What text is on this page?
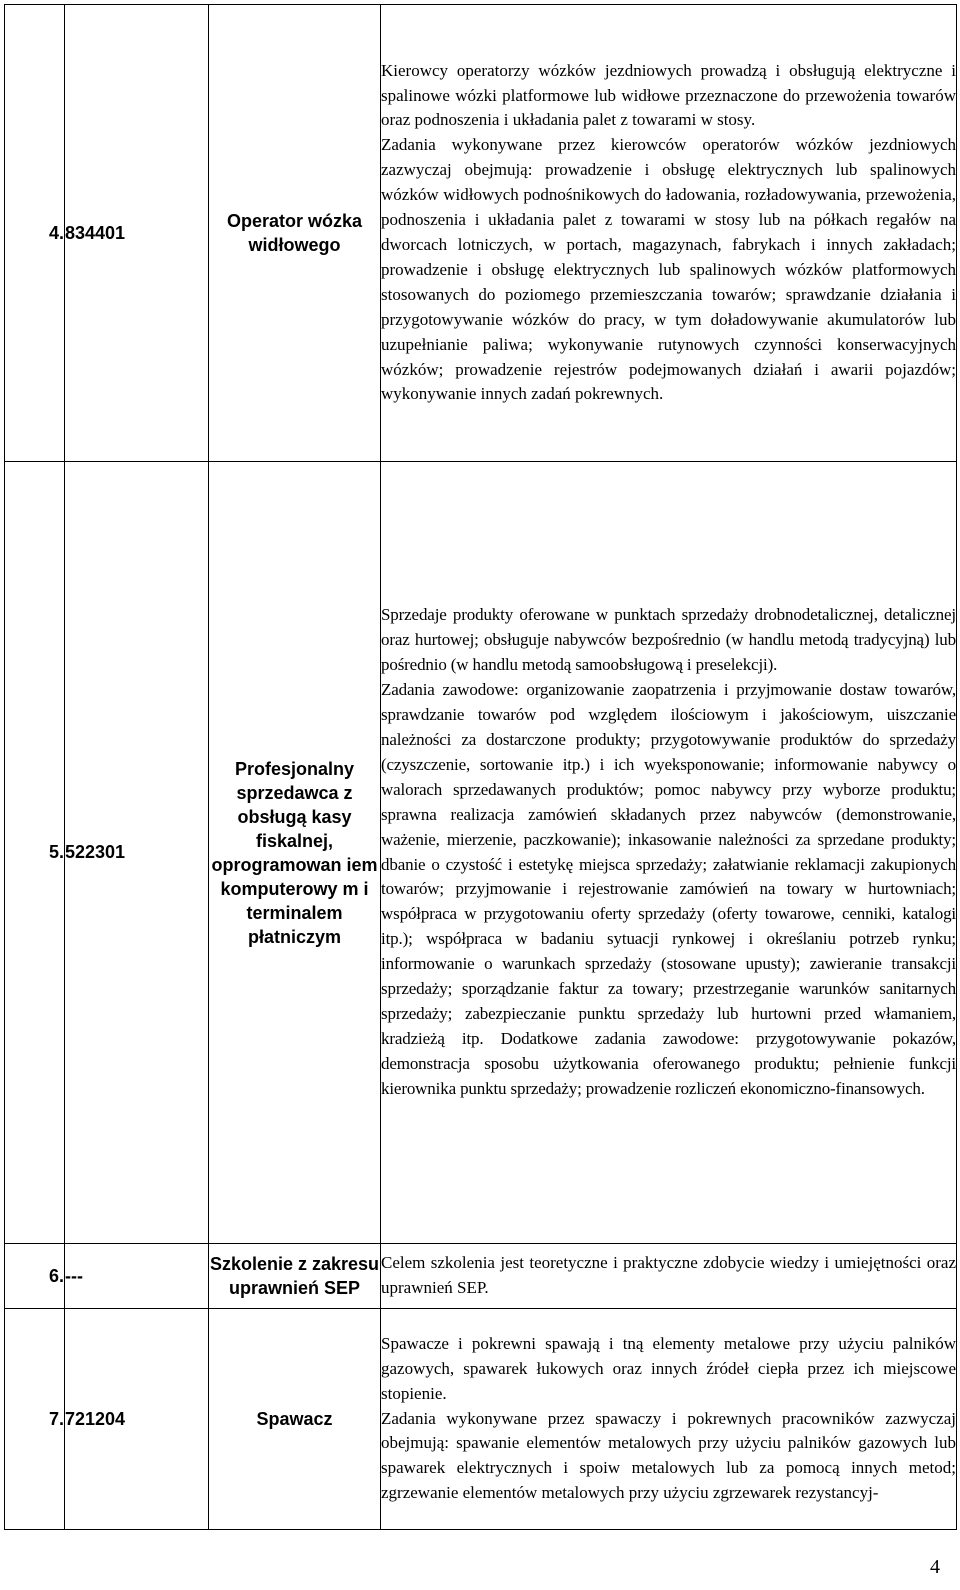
4.	834401	Operator wózka widłowego	Kierowcy operatorzy wózków jezdniowych prowadzą i obsługują elektryczne i spalinowe wózki platformowe lub widłowe przeznaczone do przewożenia towarów oraz podnoszenia i układania palet z towarami w stosy.

Zadania wykonywane przez kierowców operatorów wózków jezdniowych zazwyczaj obejmują: prowadzenie i obsługę elektrycznych lub spalinowych wózków widłowych podnośnikowych do ładowania, rozładowywania, przewożenia, podnoszenia i układania palet z towarami w stosy lub na półkach regałów na dworcach lotniczych, w portach, magazynach, fabrykach i innych zakładach; prowadzenie i obsługę elektrycznych lub spalinowych wózków platformowych stosowanych do poziomego przemieszczania towarów; sprawdzanie działania i przygotowywanie wózków do pracy, w tym doładowywanie akumulatorów lub uzupełnianie paliwa; wykonywanie rutynowych czynności konserwacyjnych wózków; prowadzenie rejestrów podejmowanych działań i awarii pojazdów; wykonywanie innych zadań pokrewnych.

5.	522301	Profesjonalny sprzedawca z obsługą kasy fiskalnej, oprogramowan iem komputerowy m i terminalem płatniczym	Sprzedaje produkty oferowane w punktach sprzedaży drobnodetalicznej, detalicznej oraz hurtowej; obsługuje nabywców bezpośrednio (w handlu metodą tradycyjną) lub pośrednio (w handlu metodą samoobsługową i preselekcji).

Zadania zawodowe: organizowanie zaopatrzenia i przyjmowanie dostaw towarów, sprawdzanie towarów pod względem ilościowym i jakościowym, uiszczanie należności za dostarczone produkty; przygotowywanie produktów do sprzedaży (czyszczenie, sortowanie itp.) i ich wyeksponowanie; informowanie nabywcy o walorach sprzedawanych produktów; pomoc nabywcy przy wyborze produktu; sprawna realizacja zamówień składanych przez nabywców (demonstrowanie, ważenie, mierzenie, paczkowanie); inkasowanie należności za sprzedane produkty; dbanie o czystość i estetykę miejsca sprzedaży; załatwianie reklamacji zakupionych towarów; przyjmowanie i rejestrowanie zamówień na towary w hurtowniach; współpraca w przygotowaniu oferty sprzedaży (oferty towarowe, cenniki, katalogi itp.); współpraca w badaniu sytuacji rynkowej i określaniu potrzeb rynku; informowanie o warunkach sprzedaży (stosowane upusty); zawieranie transakcji sprzedaży; sporządzanie faktur za towary; przestrzeganie warunków sanitarnych sprzedaży; zabezpieczanie punktu sprzedaży lub hurtowni przed włamaniem, kradzieżą itp. Dodatkowe zadania zawodowe: przygotowywanie pokazów, demonstracja sposobu użytkowania oferowanego produktu; pełnienie funkcji kierownika punktu sprzedaży; prowadzenie rozliczeń ekonomiczno-finansowych.

6.	---	Szkolenie z zakresu uprawnień SEP	Celem szkolenia jest teoretyczne i praktyczne zdobycie wiedzy i umiejętności oraz uprawnień SEP.

7.	721204	Spawacz	Spawacze i pokrewni spawają i tną elementy metalowe przy użyciu palników gazowych, spawarek łukowych oraz innych źródeł ciepła przez ich miejscowe stopienie.

Zadania wykonywane przez spawaczy i pokrewnych pracowników zazwyczaj obejmują: spawanie elementów metalowych przy użyciu palników gazowych lub spawarek elektrycznych i spoiw metalowych lub za pomocą innych metod; zgrzewanie elementów metalowych przy użyciu zgrzewarek rezystancyj-

4
